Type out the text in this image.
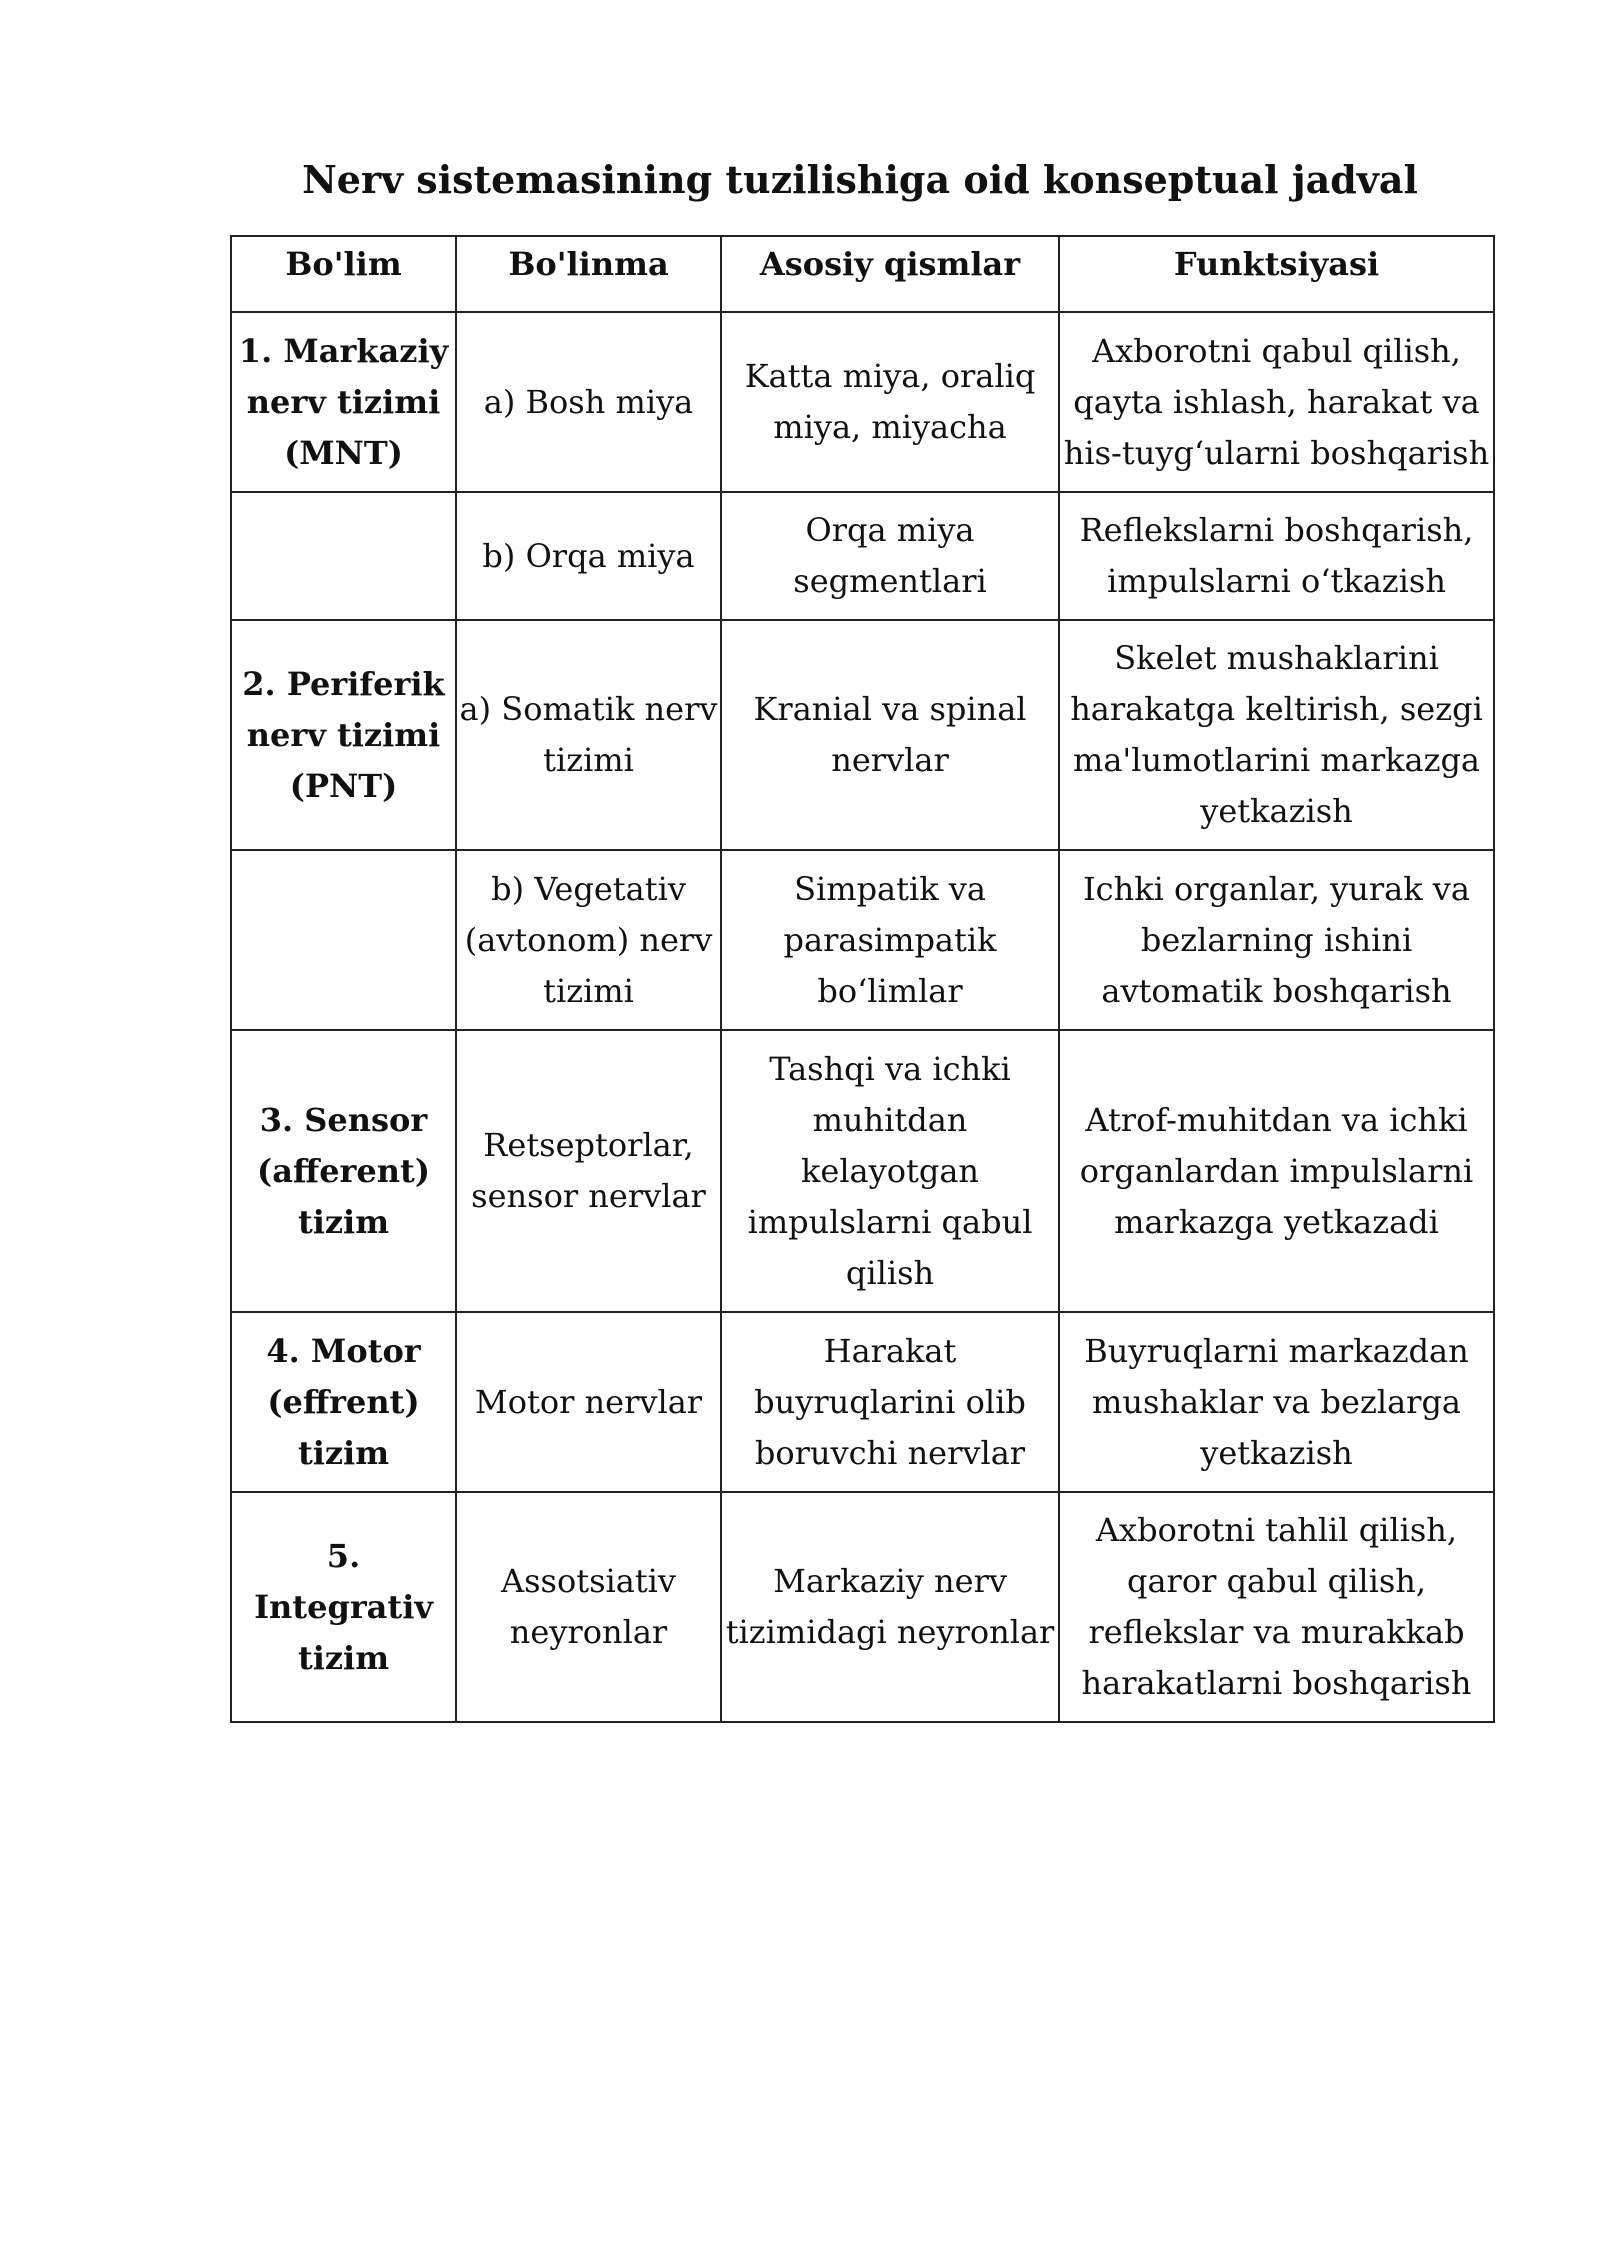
Nerv sistemasining tuzilishiga oid konseptual jadval
Bo'lim	Bo'linma	Asosiy qismlar	Funktsiyasi
1. Markaziy nerv tizimi (MNT)	a) Bosh miya	Katta miya, oraliq miya, miyacha	Axborotni qabul qilish, qayta ishlash, harakat va his-tuyg‘ularni boshqarish
	b) Orqa miya	Orqa miya segmentlari	Reflekslarni boshqarish, impulslarni o‘tkazish
2. Periferik nerv tizimi (PNT)	a) Somatik nerv tizimi	Kranial va spinal nervlar	Skelet mushaklarini harakatga keltirish, sezgi ma'lumotlarini markazga yetkazish
	b) Vegetativ (avtonom) nerv tizimi	Simpatik va parasimpatik bo‘limlar	Ichki organlar, yurak va bezlarning ishini avtomatik boshqarish
3. Sensor (afferent) tizim	Retseptorlar, sensor nervlar	Tashqi va ichki muhitdan kelayotgan impulslarni qabul qilish	Atrof-muhitdan va ichki organlardan impulslarni markazga yetkazadi
4. Motor (effrent) tizim	Motor nervlar	Harakat buyruqlarini olib boruvchi nervlar	Buyruqlarni markazdan mushaklar va bezlarga yetkazish
5. Integrativ tizim	Assotsiativ neyronlar	Markaziy nerv tizimidagi neyronlar	Axborotni tahlil qilish, qaror qabul qilish, reflekslar va murakkab harakatlarni boshqarish
